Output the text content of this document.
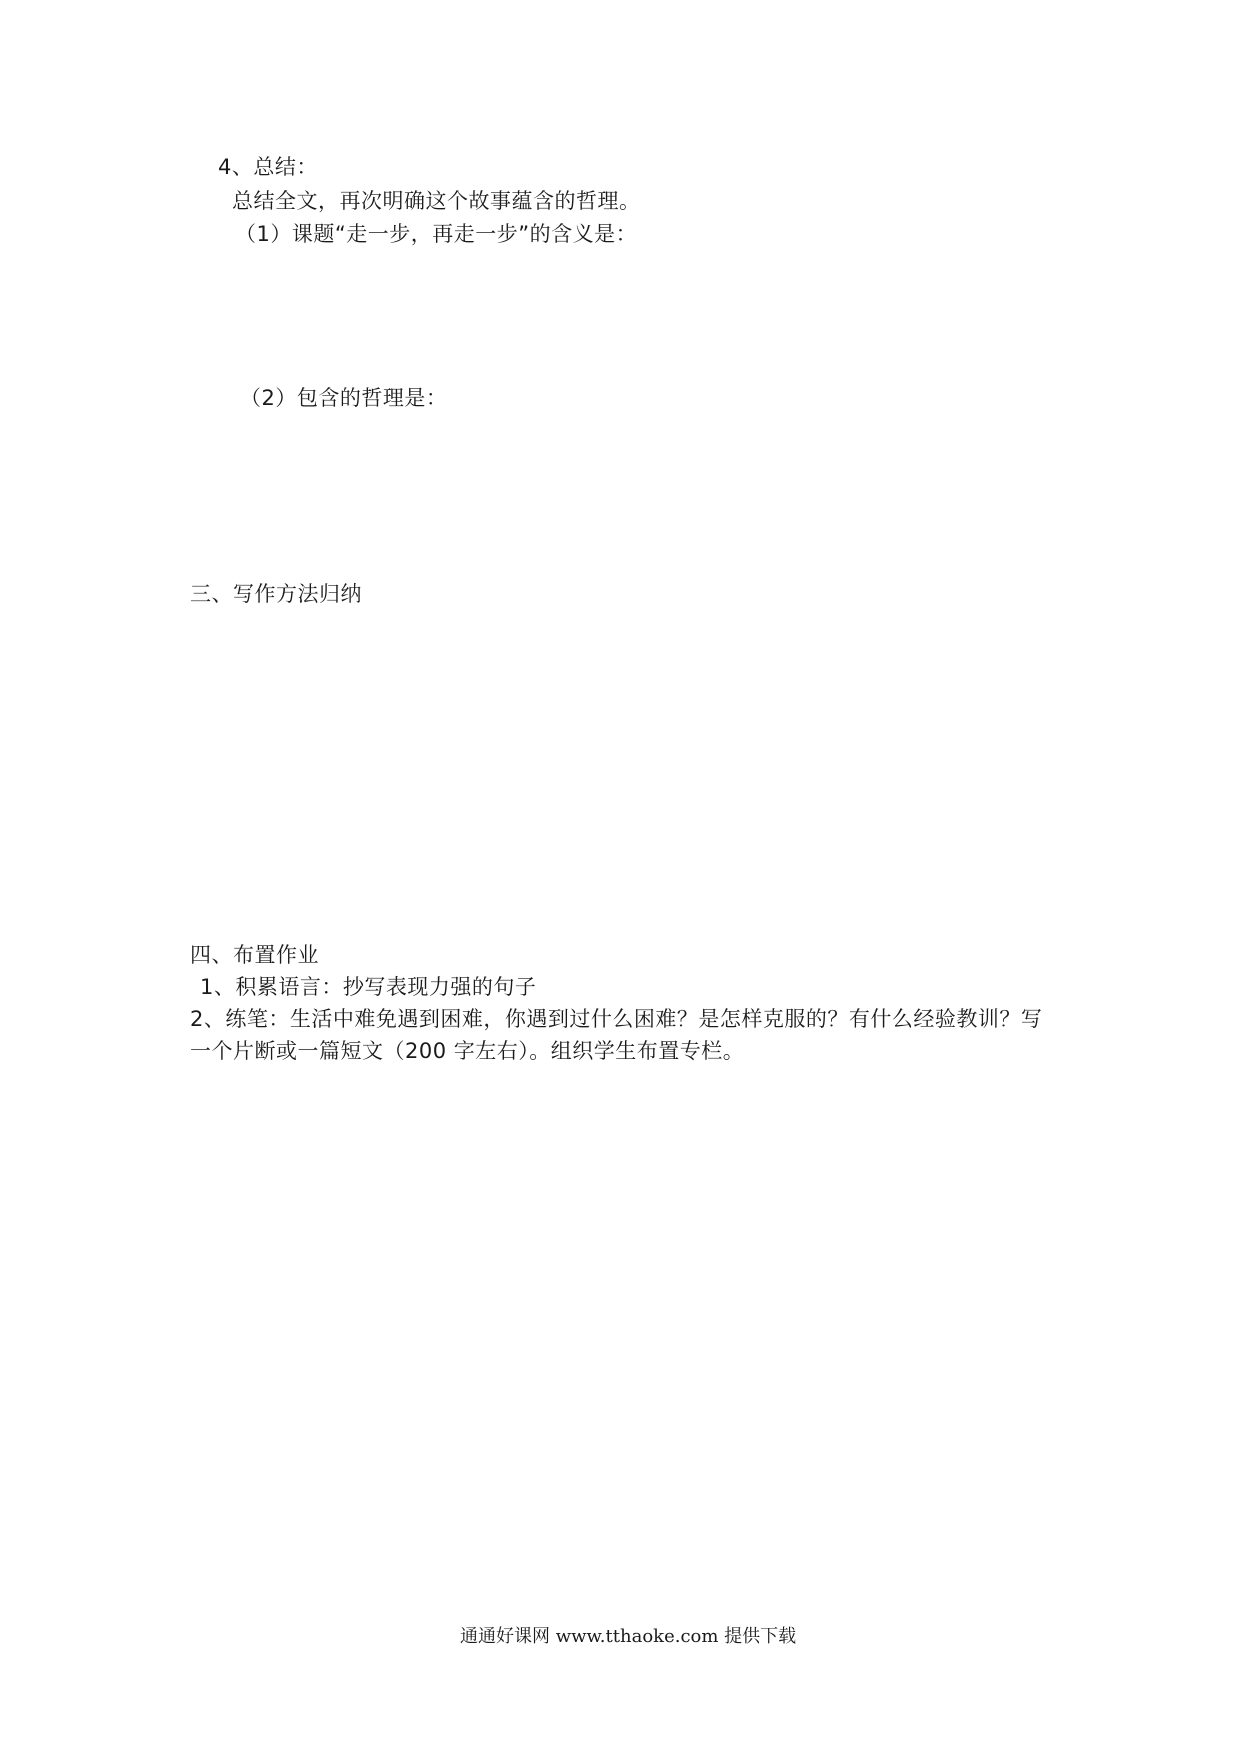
4、总结：
总结全文，再次明确这个故事蕴含的哲理。
（1）课题“走一步，再走一步”的含义是：
（2）包含的哲理是：
三、写作方法归纳
四、布置作业
1、积累语言：抄写表现力强的句子
2、练笔：生活中难免遇到困难，你遇到过什么困难？是怎样克服的？有什么经验教训？写
一个片断或一篇短文（200 字左右）。组织学生布置专栏。
通通好课网 www.tthaoke.com 提供下载
